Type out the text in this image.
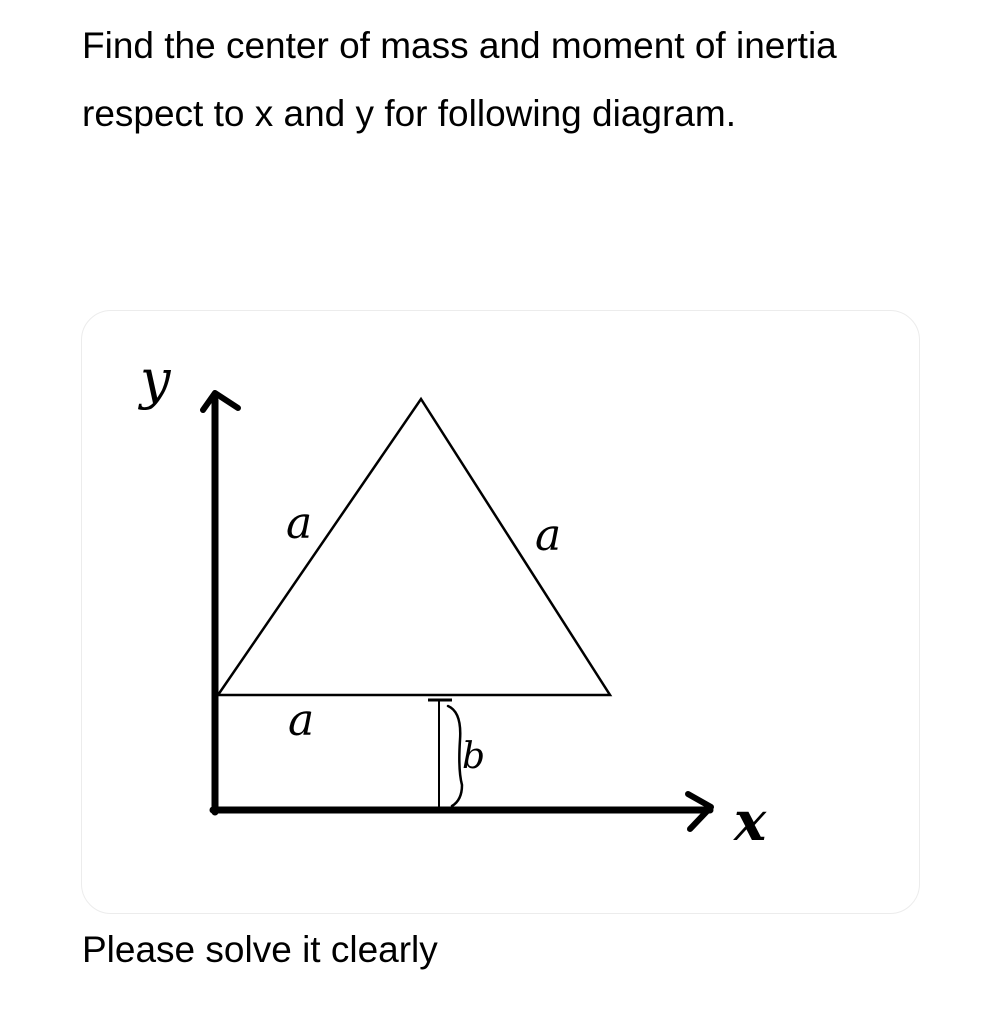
Find the center of mass and moment of inertia respect to x and y for following diagram.

y
x
a	a
a
b

Please solve it clearly
